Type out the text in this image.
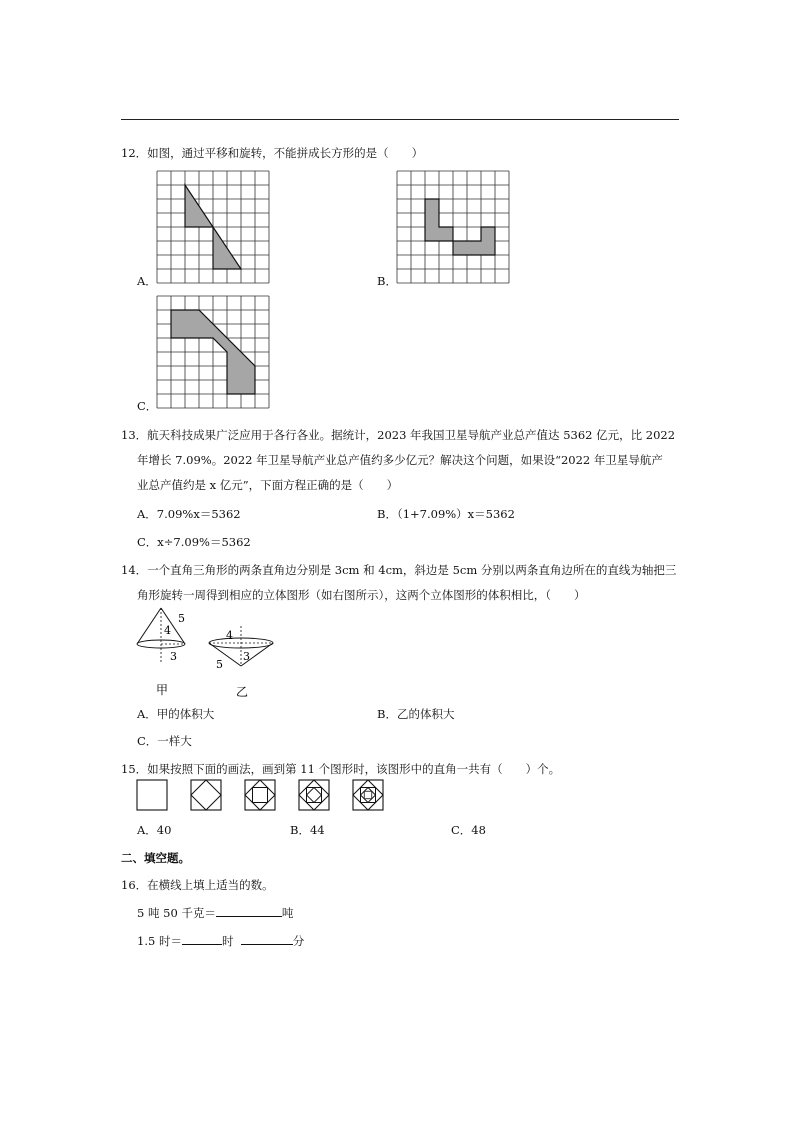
12．如图，通过平移和旋转，不能拼成长方形的是（　　）
A．	B．
C．
13．航天科技成果广泛应用于各行各业。据统计，2023 年我国卫星导航产业总产值达 5362 亿元，比 2022
年增长 7.09%。2022 年卫星导航产业总产值约多少亿元？解决这个问题，如果设“2022 年卫星导航产
业总产值约是 x 亿元”，下面方程正确的是（　　）
A．7.09%x＝5362	B．（1+7.09%）x＝5362
C．x÷7.09%＝5362
14．一个直角三角形的两条直角边分别是 3cm 和 4cm，斜边是 5cm 分别以两条直角边所在的直线为轴把三
角形旋转一周得到相应的立体图形（如右图所示），这两个立体图形的体积相比，（　　）
5
4
3
4
3
5
甲	乙
A．甲的体积大	B．乙的体积大
C．一样大
15．如果按照下面的画法，画到第 11 个图形时，该图形中的直角一共有（　　）个。
A．40	B．44	C．48
二、填空题。
16．在横线上填上适当的数。
5 吨 50 千克＝	吨
1.5 时＝	时	分
